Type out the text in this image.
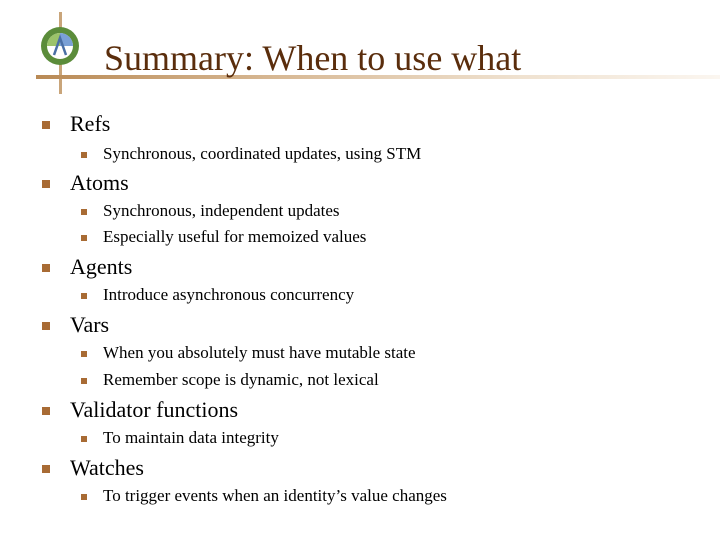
Summary: When to use what
Refs
Synchronous, coordinated updates, using STM
Atoms
Synchronous, independent updates
Especially useful for memoized values
Agents
Introduce asynchronous concurrency
Vars
When you absolutely must have mutable state
Remember scope is dynamic, not lexical
Validator functions
To maintain data integrity
Watches
To trigger events when an identity’s value changes
